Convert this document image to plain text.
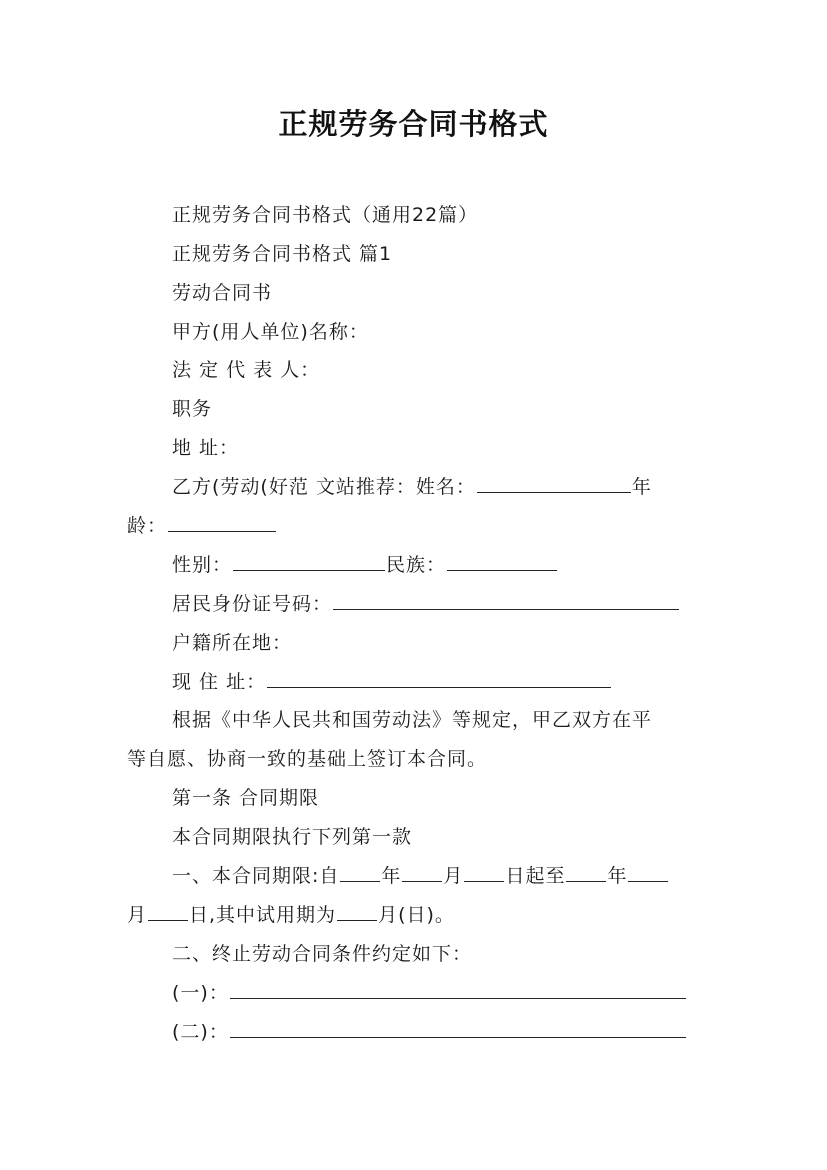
正规劳务合同书格式
正规劳务合同书格式（通用22篇）
正规劳务合同书格式 篇1
劳动合同书
甲方(用人单位)名称：
法 定 代 表 人：
职务
地 址：
乙方(劳动(好范 文站推荐：姓名：	年
龄：
性别：	民族：
居民身份证号码：
户籍所在地：
现 住 址：
根据《中华人民共和国劳动法》等规定，甲乙双方在平
等自愿、协商一致的基础上签订本合同。
第一条 合同期限
本合同期限执行下列第一款
一、本合同期限:自 年 月 日起至 年
月 日,其中试用期为 月(日)。
二、终止劳动合同条件约定如下：
(一)：
(二)：
